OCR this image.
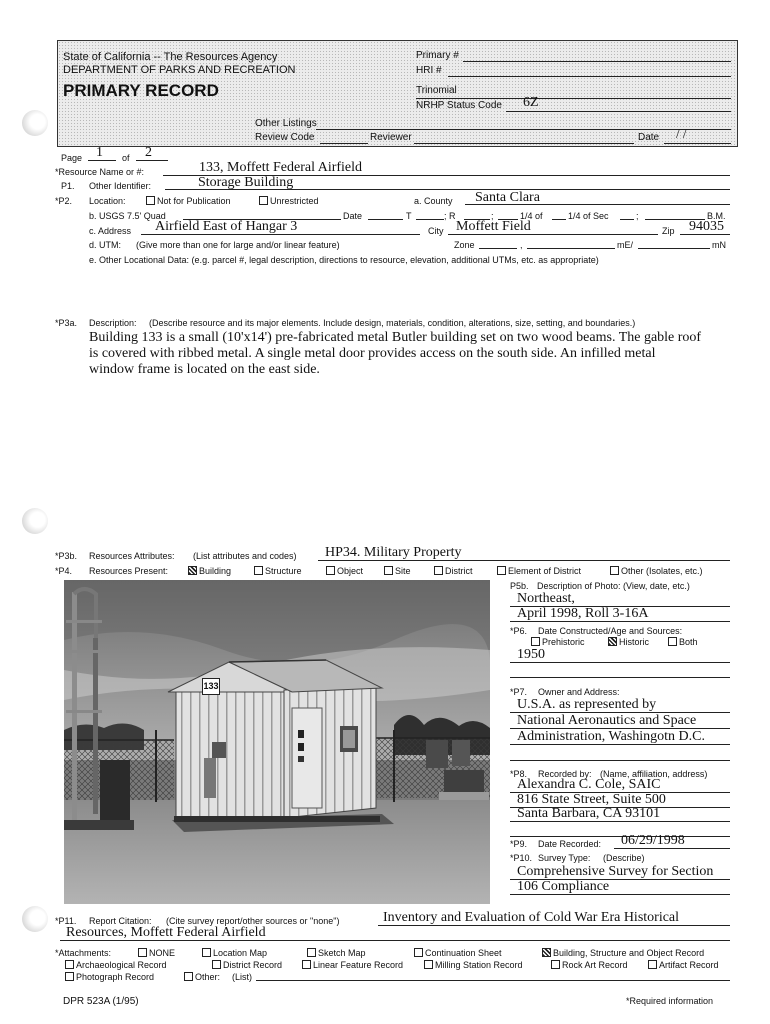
State of California -- The Resources Agency
DEPARTMENT OF PARKS AND RECREATION
PRIMARY RECORD
Primary #
HRI #
Trinomial
NRHP Status Code 6Z
Other Listings
Review Code	Reviewer	Date / /
Page 1 of 2
*Resource Name or #:	133, Moffett Federal Airfield
P1. Other Identifier:	Storage Building
*P2. Location:	Not for Publication	Unrestricted	a. County Santa Clara
b. USGS 7.5' Quad	Date	T	; R	;	1/4 of	1/4 of Sec	;	B.M.
c. Address Airfield East of Hangar 3	City Moffett Field	Zip 94035
d. UTM: (Give more than one for large and/or linear feature)	Zone	,	mE/	mN
e. Other Locational Data: (e.g. parcel #, legal description, directions to resource, elevation, additional UTMs, etc. as appropriate)
*P3a. Description: (Describe resource and its major elements. Include design, materials, condition, alterations, size, setting, and boundaries.)
Building 133 is a small (10'x14') pre-fabricated metal Butler building set on two wood beams. The gable roof
is covered with ribbed metal. A single metal door provides access on the south side. An infilled metal
window frame is located on the east side.
*P3b. Resources Attributes: (List attributes and codes) HP34. Military Property
*P4. Resources Present:	Building	Structure	Object	Site	District	Element of District	Other (Isolates, etc.)
133
P5b. Description of Photo: (View, date, etc.)
Northeast,
April 1998, Roll 3-16A
*P6. Date Constructed/Age and Sources:
Prehistoric	Historic	Both
1950
*P7. Owner and Address:
U.S.A. as represented by
National Aeronautics and Space
Administration, Washingotn D.C.
*P8. Recorded by: (Name, affiliation, address)
Alexandra C. Cole, SAIC
816 State Street, Suite 500
Santa Barbara, CA 93101
*P9. Date Recorded: 06/29/1998
*P10. Survey Type: (Describe)
Comprehensive Survey for Section
106 Compliance
*P11. Report Citation: (Cite survey report/other sources or "none")	Inventory and Evaluation of Cold War Era Historical
Resources, Moffett Federal Airfield
*Attachments:	NONE	Location Map	Sketch Map	Continuation Sheet	Building, Structure and Object Record
Archaeological Record	District Record	Linear Feature Record	Milling Station Record	Rock Art Record	Artifact Record
Photograph Record	Other: (List)
DPR 523A (1/95)	*Required information
